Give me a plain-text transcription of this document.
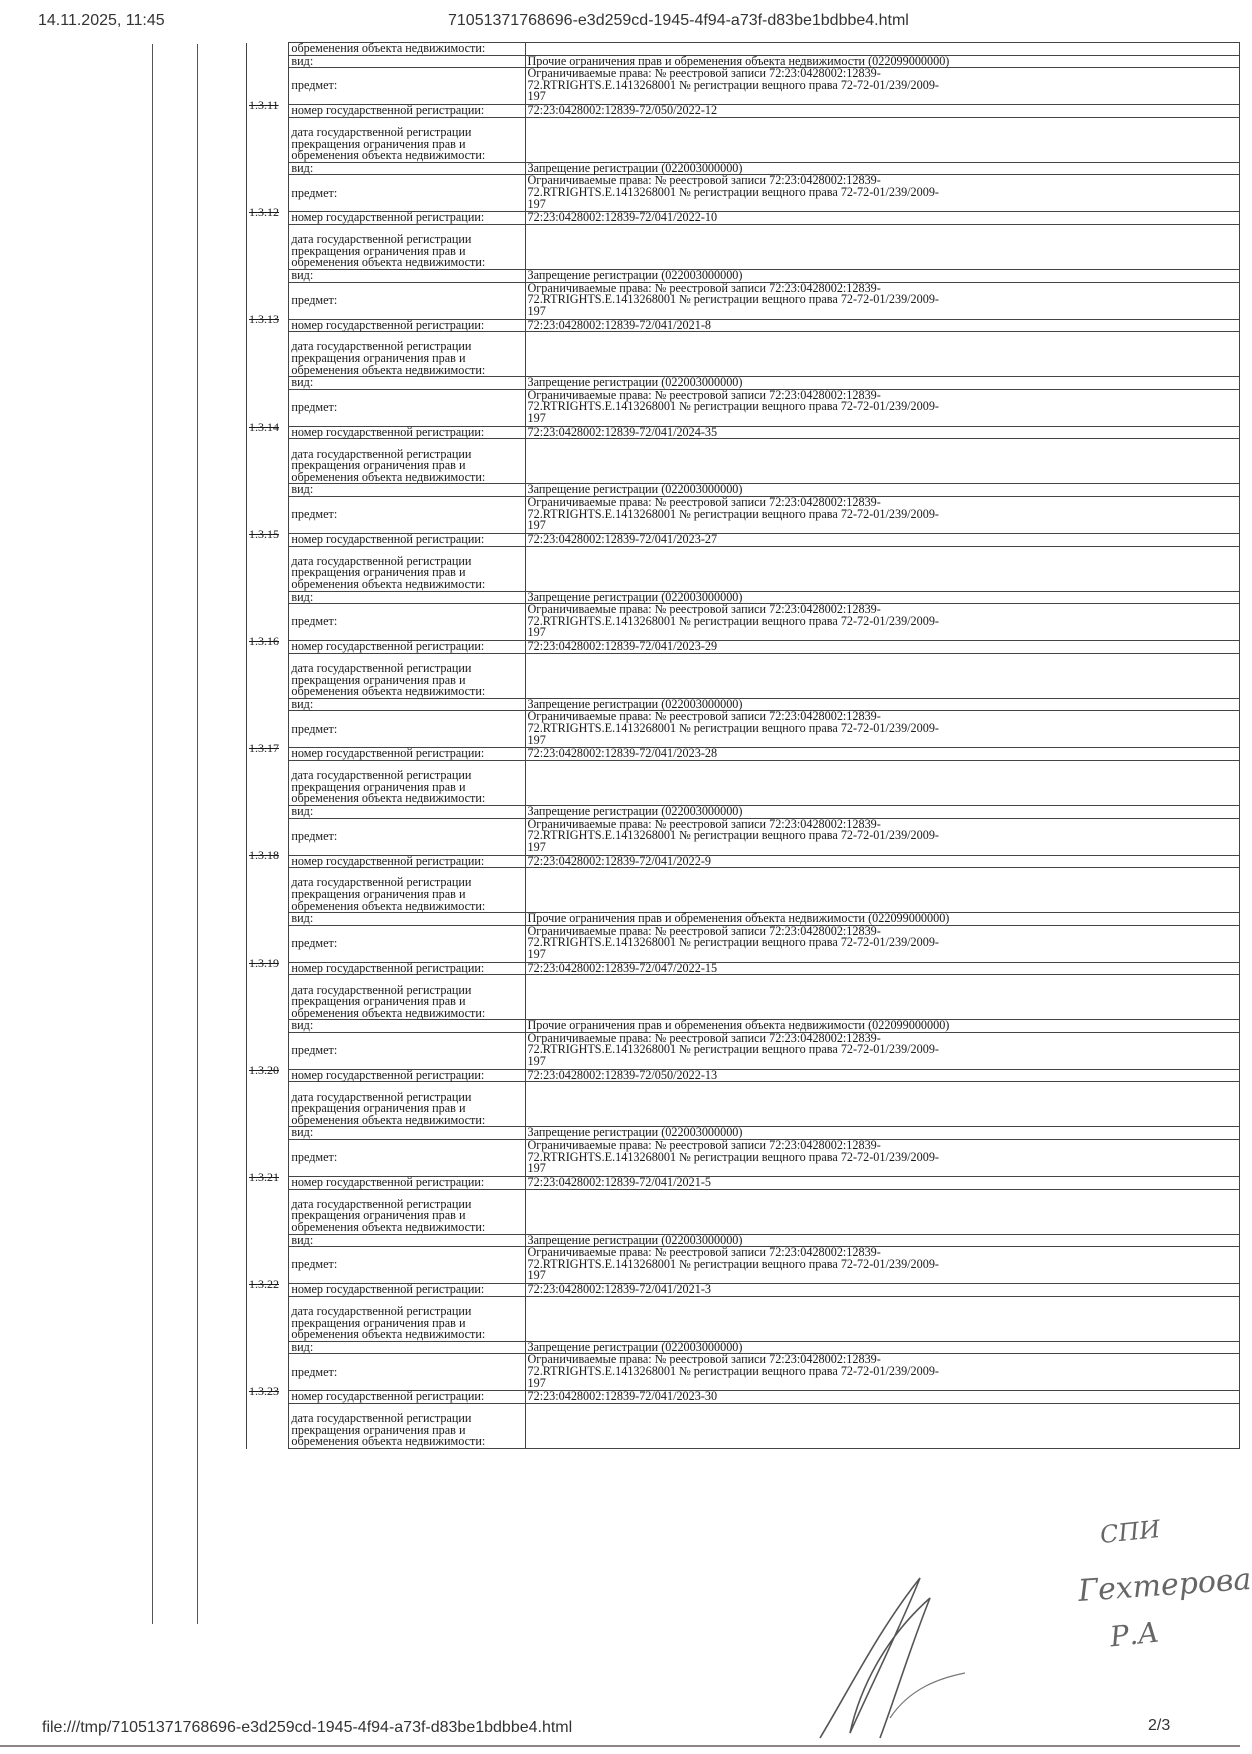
14.11.2025, 11:45	71051371768696-e3d259cd-1945-4f94-a73f-d83be1bdbbe4.html
	обременения объекта недвижимости:	
	вид:	Прочие ограничения прав и обременения объекта недвижимости (022099000000)

1.3.11	предмет:	Ограничиваемые права: № реестровой записи 72:23:0428002:12839-
72.RTRIGHTS.E.1413268001 № регистрации вещного права 72-72-01/239/2009-
197

	номер государственной регистрации:	72:23:0428002:12839-72/050/2022-12

	дата государственной регистрации
прекращения ограничения прав и
обременения объекта недвижимости:	

	вид:	Запрещение регистрации (022003000000)

1.3.12	предмет:	Ограничиваемые права: № реестровой записи 72:23:0428002:12839-
72.RTRIGHTS.E.1413268001 № регистрации вещного права 72-72-01/239/2009-
197

	номер государственной регистрации:	72:23:0428002:12839-72/041/2022-10

	дата государственной регистрации
прекращения ограничения прав и
обременения объекта недвижимости:	

	вид:	Запрещение регистрации (022003000000)

1.3.13	предмет:	Ограничиваемые права: № реестровой записи 72:23:0428002:12839-
72.RTRIGHTS.E.1413268001 № регистрации вещного права 72-72-01/239/2009-
197

	номер государственной регистрации:	72:23:0428002:12839-72/041/2021-8

	дата государственной регистрации
прекращения ограничения прав и
обременения объекта недвижимости:	

	вид:	Запрещение регистрации (022003000000)

1.3.14	предмет:	Ограничиваемые права: № реестровой записи 72:23:0428002:12839-
72.RTRIGHTS.E.1413268001 № регистрации вещного права 72-72-01/239/2009-
197

	номер государственной регистрации:	72:23:0428002:12839-72/041/2024-35

	дата государственной регистрации
прекращения ограничения прав и
обременения объекта недвижимости:	

	вид:	Запрещение регистрации (022003000000)

1.3.15	предмет:	Ограничиваемые права: № реестровой записи 72:23:0428002:12839-
72.RTRIGHTS.E.1413268001 № регистрации вещного права 72-72-01/239/2009-
197

	номер государственной регистрации:	72:23:0428002:12839-72/041/2023-27

	дата государственной регистрации
прекращения ограничения прав и
обременения объекта недвижимости:	

	вид:	Запрещение регистрации (022003000000)

1.3.16	предмет:	Ограничиваемые права: № реестровой записи 72:23:0428002:12839-
72.RTRIGHTS.E.1413268001 № регистрации вещного права 72-72-01/239/2009-
197

	номер государственной регистрации:	72:23:0428002:12839-72/041/2023-29

	дата государственной регистрации
прекращения ограничения прав и
обременения объекта недвижимости:	

	вид:	Запрещение регистрации (022003000000)

1.3.17	предмет:	Ограничиваемые права: № реестровой записи 72:23:0428002:12839-
72.RTRIGHTS.E.1413268001 № регистрации вещного права 72-72-01/239/2009-
197

	номер государственной регистрации:	72:23:0428002:12839-72/041/2023-28

	дата государственной регистрации
прекращения ограничения прав и
обременения объекта недвижимости:	

	вид:	Запрещение регистрации (022003000000)

1.3.18	предмет:	Ограничиваемые права: № реестровой записи 72:23:0428002:12839-
72.RTRIGHTS.E.1413268001 № регистрации вещного права 72-72-01/239/2009-
197

	номер государственной регистрации:	72:23:0428002:12839-72/041/2022-9

	дата государственной регистрации
прекращения ограничения прав и
обременения объекта недвижимости:	

	вид:	Прочие ограничения прав и обременения объекта недвижимости (022099000000)

1.3.19	предмет:	Ограничиваемые права: № реестровой записи 72:23:0428002:12839-
72.RTRIGHTS.E.1413268001 № регистрации вещного права 72-72-01/239/2009-
197

	номер государственной регистрации:	72:23:0428002:12839-72/047/2022-15

	дата государственной регистрации
прекращения ограничения прав и
обременения объекта недвижимости:	

	вид:	Прочие ограничения прав и обременения объекта недвижимости (022099000000)

1.3.20	предмет:	Ограничиваемые права: № реестровой записи 72:23:0428002:12839-
72.RTRIGHTS.E.1413268001 № регистрации вещного права 72-72-01/239/2009-
197

	номер государственной регистрации:	72:23:0428002:12839-72/050/2022-13

	дата государственной регистрации
прекращения ограничения прав и
обременения объекта недвижимости:	

	вид:	Запрещение регистрации (022003000000)

1.3.21	предмет:	Ограничиваемые права: № реестровой записи 72:23:0428002:12839-
72.RTRIGHTS.E.1413268001 № регистрации вещного права 72-72-01/239/2009-
197

	номер государственной регистрации:	72:23:0428002:12839-72/041/2021-5

	дата государственной регистрации
прекращения ограничения прав и
обременения объекта недвижимости:	

	вид:	Запрещение регистрации (022003000000)

1.3.22	предмет:	Ограничиваемые права: № реестровой записи 72:23:0428002:12839-
72.RTRIGHTS.E.1413268001 № регистрации вещного права 72-72-01/239/2009-
197

	номер государственной регистрации:	72:23:0428002:12839-72/041/2021-3

	дата государственной регистрации
прекращения ограничения прав и
обременения объекта недвижимости:	

	вид:	Запрещение регистрации (022003000000)

1.3.23	предмет:	Ограничиваемые права: № реестровой записи 72:23:0428002:12839-
72.RTRIGHTS.E.1413268001 № регистрации вещного права 72-72-01/239/2009-
197

	номер государственной регистрации:	72:23:0428002:12839-72/041/2023-30

	дата государственной регистрации
прекращения ограничения прав и
обременения объекта недвижимости:	

СПИ
Гехтерова
Р.А
file:///tmp/71051371768696-e3d259cd-1945-4f94-a73f-d83be1bdbbe4.html	2/3
